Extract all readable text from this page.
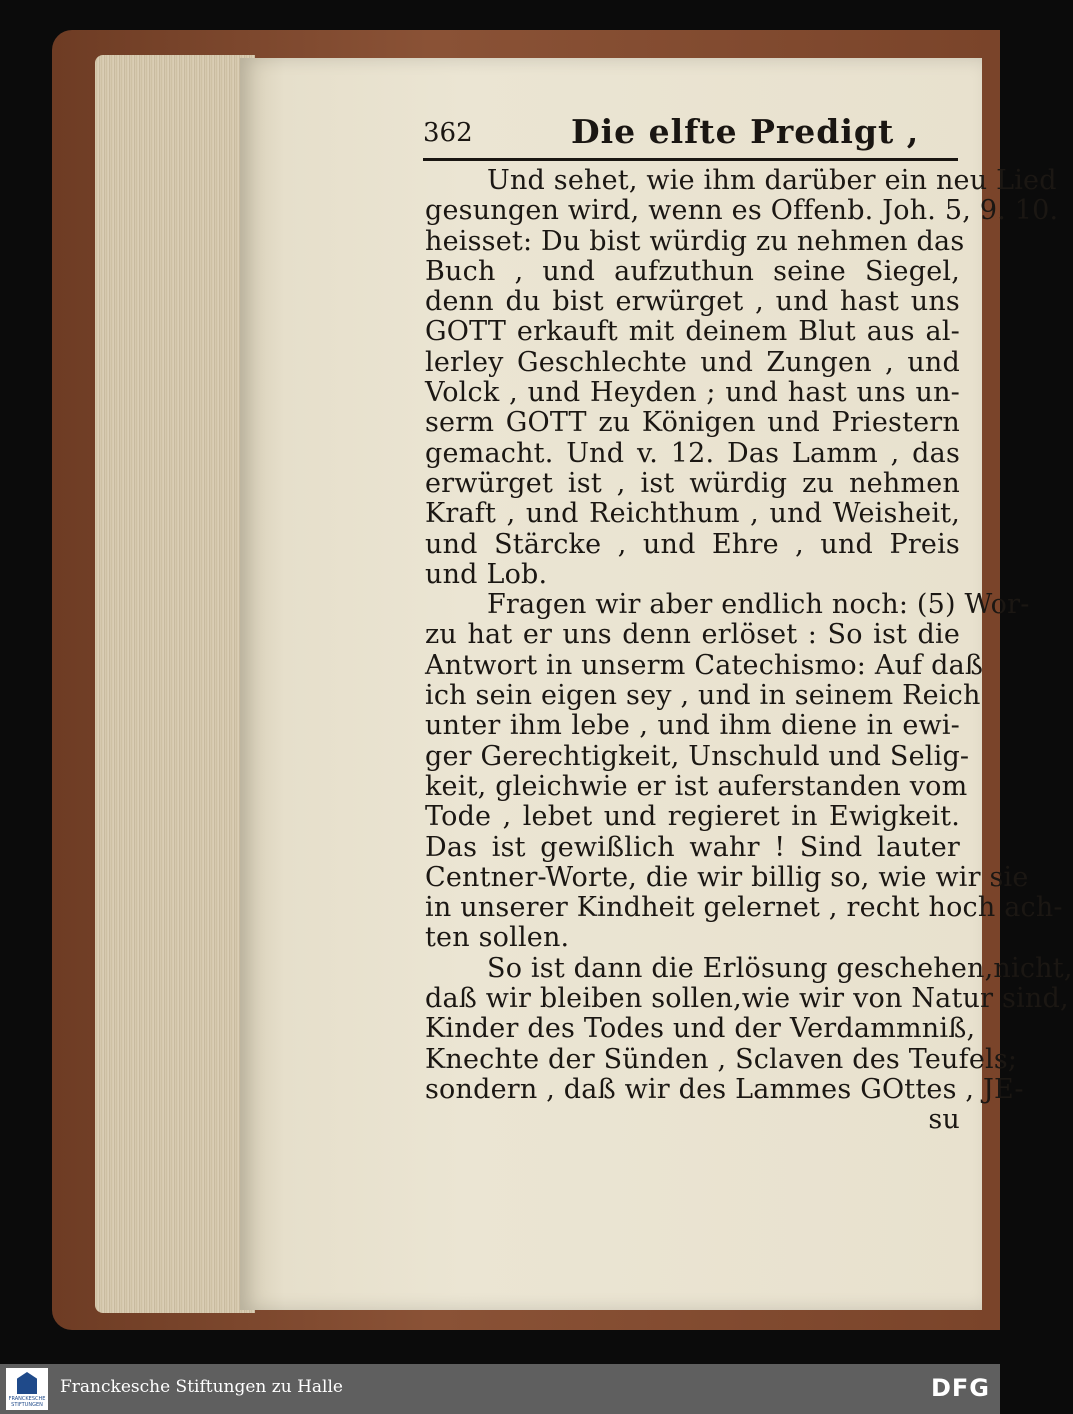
362	Die elfte Predigt ,
Und sehet, wie ihm darüber ein neu Lied
gesungen wird, wenn es Offenb. Joh. 5, 9. 10.
heisset: Du bist würdig zu nehmen das
Buch , und aufzuthun seine Siegel,
denn du bist erwürget , und hast uns
GOTT erkauft mit deinem Blut aus al-
lerley Geschlechte und Zungen , und
Volck , und Heyden ; und hast uns un-
serm GOTT zu Königen und Priestern
gemacht. Und v. 12. Das Lamm , das
erwürget ist , ist würdig zu nehmen
Kraft , und Reichthum , und Weisheit,
und Stärcke , und Ehre , und Preis
und Lob.
Fragen wir aber endlich noch: (5) Wor-
zu hat er uns denn erlöset : So ist die
Antwort in unserm Catechismo: Auf daß
ich sein eigen sey , und in seinem Reich
unter ihm lebe , und ihm diene in ewi-
ger Gerechtigkeit, Unschuld und Selig-
keit, gleichwie er ist auferstanden vom
Tode , lebet und regieret in Ewigkeit.
Das ist gewißlich wahr ! Sind lauter
Centner-Worte, die wir billig so, wie wir sie
in unserer Kindheit gelernet , recht hoch ach-
ten sollen.
So ist dann die Erlösung geschehen,nicht,
daß wir bleiben sollen,wie wir von Natur sind,
Kinder des Todes und der Verdammniß,
Knechte der Sünden , Sclaven des Teufels;
sondern , daß wir des Lammes GOttes , JE-
su
FRANCKESCHE STIFTUNGEN
Franckesche Stiftungen zu Halle	DFG
